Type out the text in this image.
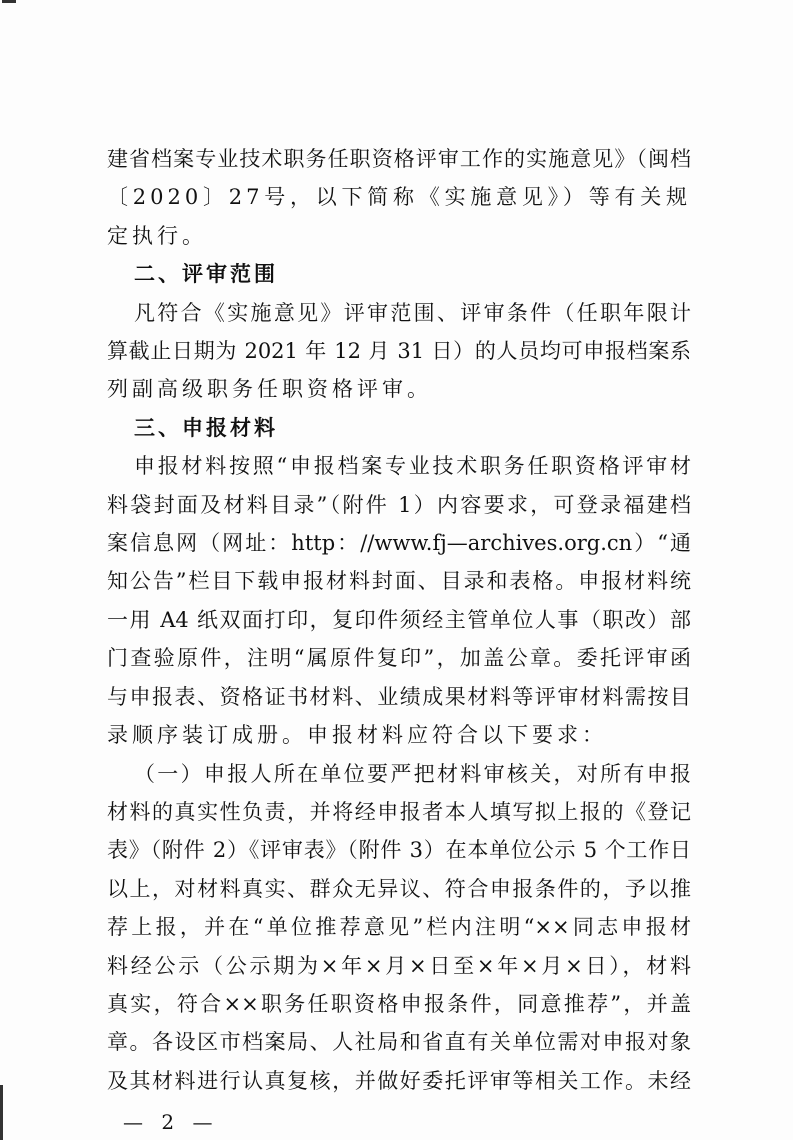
建省档案专业技术职务任职资格评审工作的实施意见》（闽档
〔2020〕27号，以下简称《实施意见》）等有关规定执行。
二、评审范围
凡符合《实施意见》评审范围、评审条件（任职年限计
算截止日期为 2021 年 12 月 31 日）的人员均可申报档案系
列副高级职务任职资格评审。
三、申报材料
申报材料按照“申报档案专业技术职务任职资格评审材
料袋封面及材料目录”（附件 1）内容要求，可登录福建档
案信息网（网址：http：//www.fj—archives.org.cn）“通
知公告”栏目下载申报材料封面、目录和表格。申报材料统
一用 A4 纸双面打印，复印件须经主管单位人事（职改）部
门查验原件，注明“属原件复印”，加盖公章。委托评审函
与申报表、资格证书材料、业绩成果材料等评审材料需按目
录顺序装订成册。申报材料应符合以下要求：
（一）申报人所在单位要严把材料审核关，对所有申报
材料的真实性负责，并将经申报者本人填写拟上报的《登记
表》（附件 2）《评审表》（附件 3）在本单位公示 5 个工作日
以上，对材料真实、群众无异议、符合申报条件的，予以推
荐上报，并在“单位推荐意见”栏内注明“××同志申报材
料经公示（公示期为×年×月×日至×年×月×日），材料
真实，符合××职务任职资格申报条件，同意推荐”，并盖
章。各设区市档案局、人社局和省直有关单位需对申报对象
及其材料进行认真复核，并做好委托评审等相关工作。未经
— 2 —
